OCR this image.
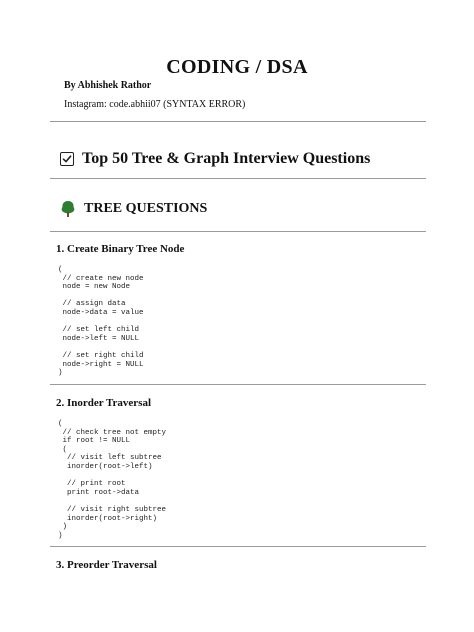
CODING / DSA
By Abhishek Rathor
Instagram: code.abhii07 (SYNTAX ERROR)
Top 50 Tree & Graph Interview Questions
TREE QUESTIONS
1. Create Binary Tree Node
(
// create new node
node = new Node

// assign data
node->data = value

// set left child
node->left = NULL

// set right child
node->right = NULL
)
2. Inorder Traversal
(
// check tree not empty
if root != NULL
(
// visit left subtree
inorder(root->left)

// print root
print root->data

// visit right subtree
inorder(root->right)
)
)
3. Preorder Traversal
